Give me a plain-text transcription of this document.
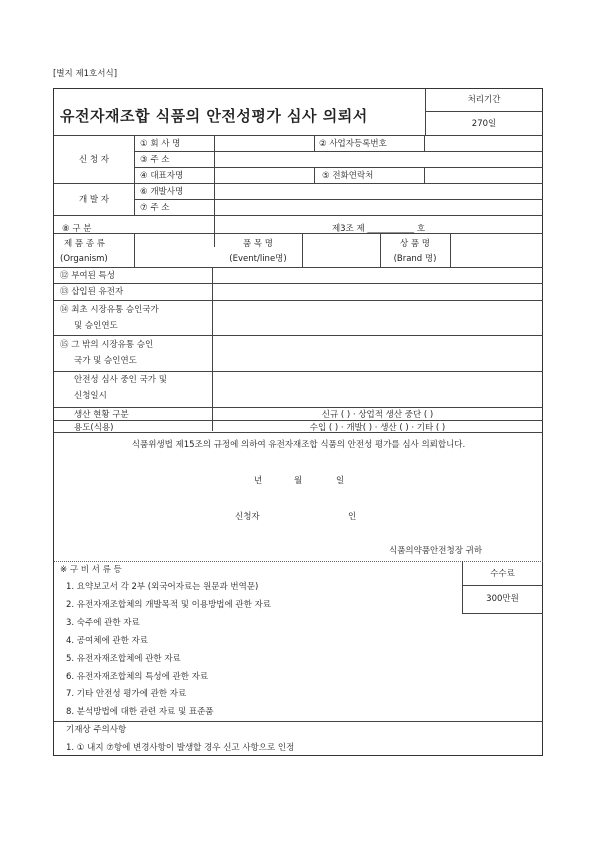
[별지 제1호서식]
유전자재조합 식품의 안전성평가 심사 의뢰서
처리기간
270일
신 청 자
① 회 사 명	② 사업자등록번호
③ 주 소
④ 대표자명	⑤ 전화연락처
개 발 자
⑥ 개발사명
⑦ 주 소
⑧ 구 분	제3조 제 ___________ 호
제 품 종 류
(Organism)
품 목 명
(Event/line명)
상 품 명
(Brand 명)
⑫ 부여된 특성
⑬ 삽입된 유전자
⑭ 최초 시장유통 승인국가
및 승인연도
⑮ 그 밖의 시장유통 승인
국가 및 승인연도
안전성 심사 중인 국가 및
신청일시
생산 현황 구분	신규 ( ) · 상업적 생산 중단 ( )
용도(식용)	수입 ( ) · 개발( ) · 생산 ( ) · 기타 ( )
식품위생법 제15조의 규정에 의하여 유전자재조합 식품의 안전성 평가를 심사 의뢰합니다.
년	월	일
신청자	인
식품의약품안전청장 귀하
※ 구 비 서 류 등
1. 요약보고서 각 2부 (외국어자료는 원문과 번역문)
2. 유전자재조합체의 개발목적 및 이용방법에 관한 자료
3. 숙주에 관한 자료
4. 공여체에 관한 자료
5. 유전자재조합체에 관한 자료
6. 유전자재조합체의 특성에 관한 자료
7. 기타 안전성 평가에 관한 자료
8. 분석방법에 대한 관련 자료 및 표준품
수수료
300만원
기재상 주의사항
1. ① 내지 ⑦항에 변경사항이 발생할 경우 신고 사항으로 인정
